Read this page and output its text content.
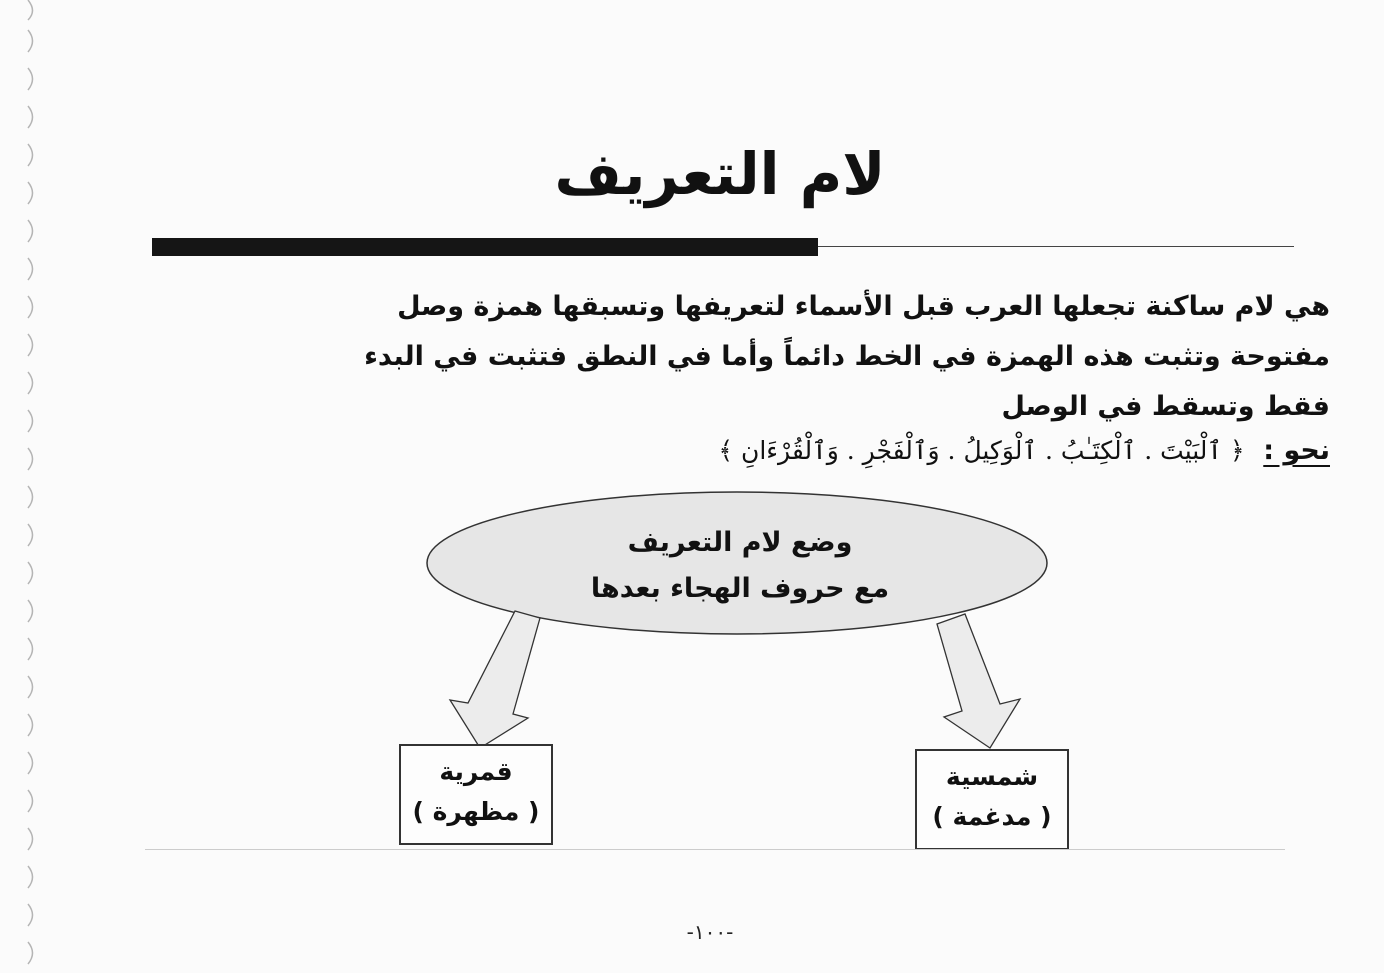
لام التعريف
هي لام ساكنة تجعلها العرب قبل الأسماء لتعريفها وتسبقها همزة وصل مفتوحة وتثبت هذه الهمزة في الخط دائماً وأما في النطق فتثبت في البدء فقط وتسقط في الوصل
نحو : ﴿ ٱلْبَيْتَ . ٱلْكِتَـٰبُ . ٱلْوَكِيلُ . وَٱلْفَجْرِ . وَٱلْقُرْءَانِ ﴾
وضع لام التعريف
مع حروف الهجاء بعدها
قمرية
( مظهرة )
شمسية
( مدغمة )
-١٠٠-
